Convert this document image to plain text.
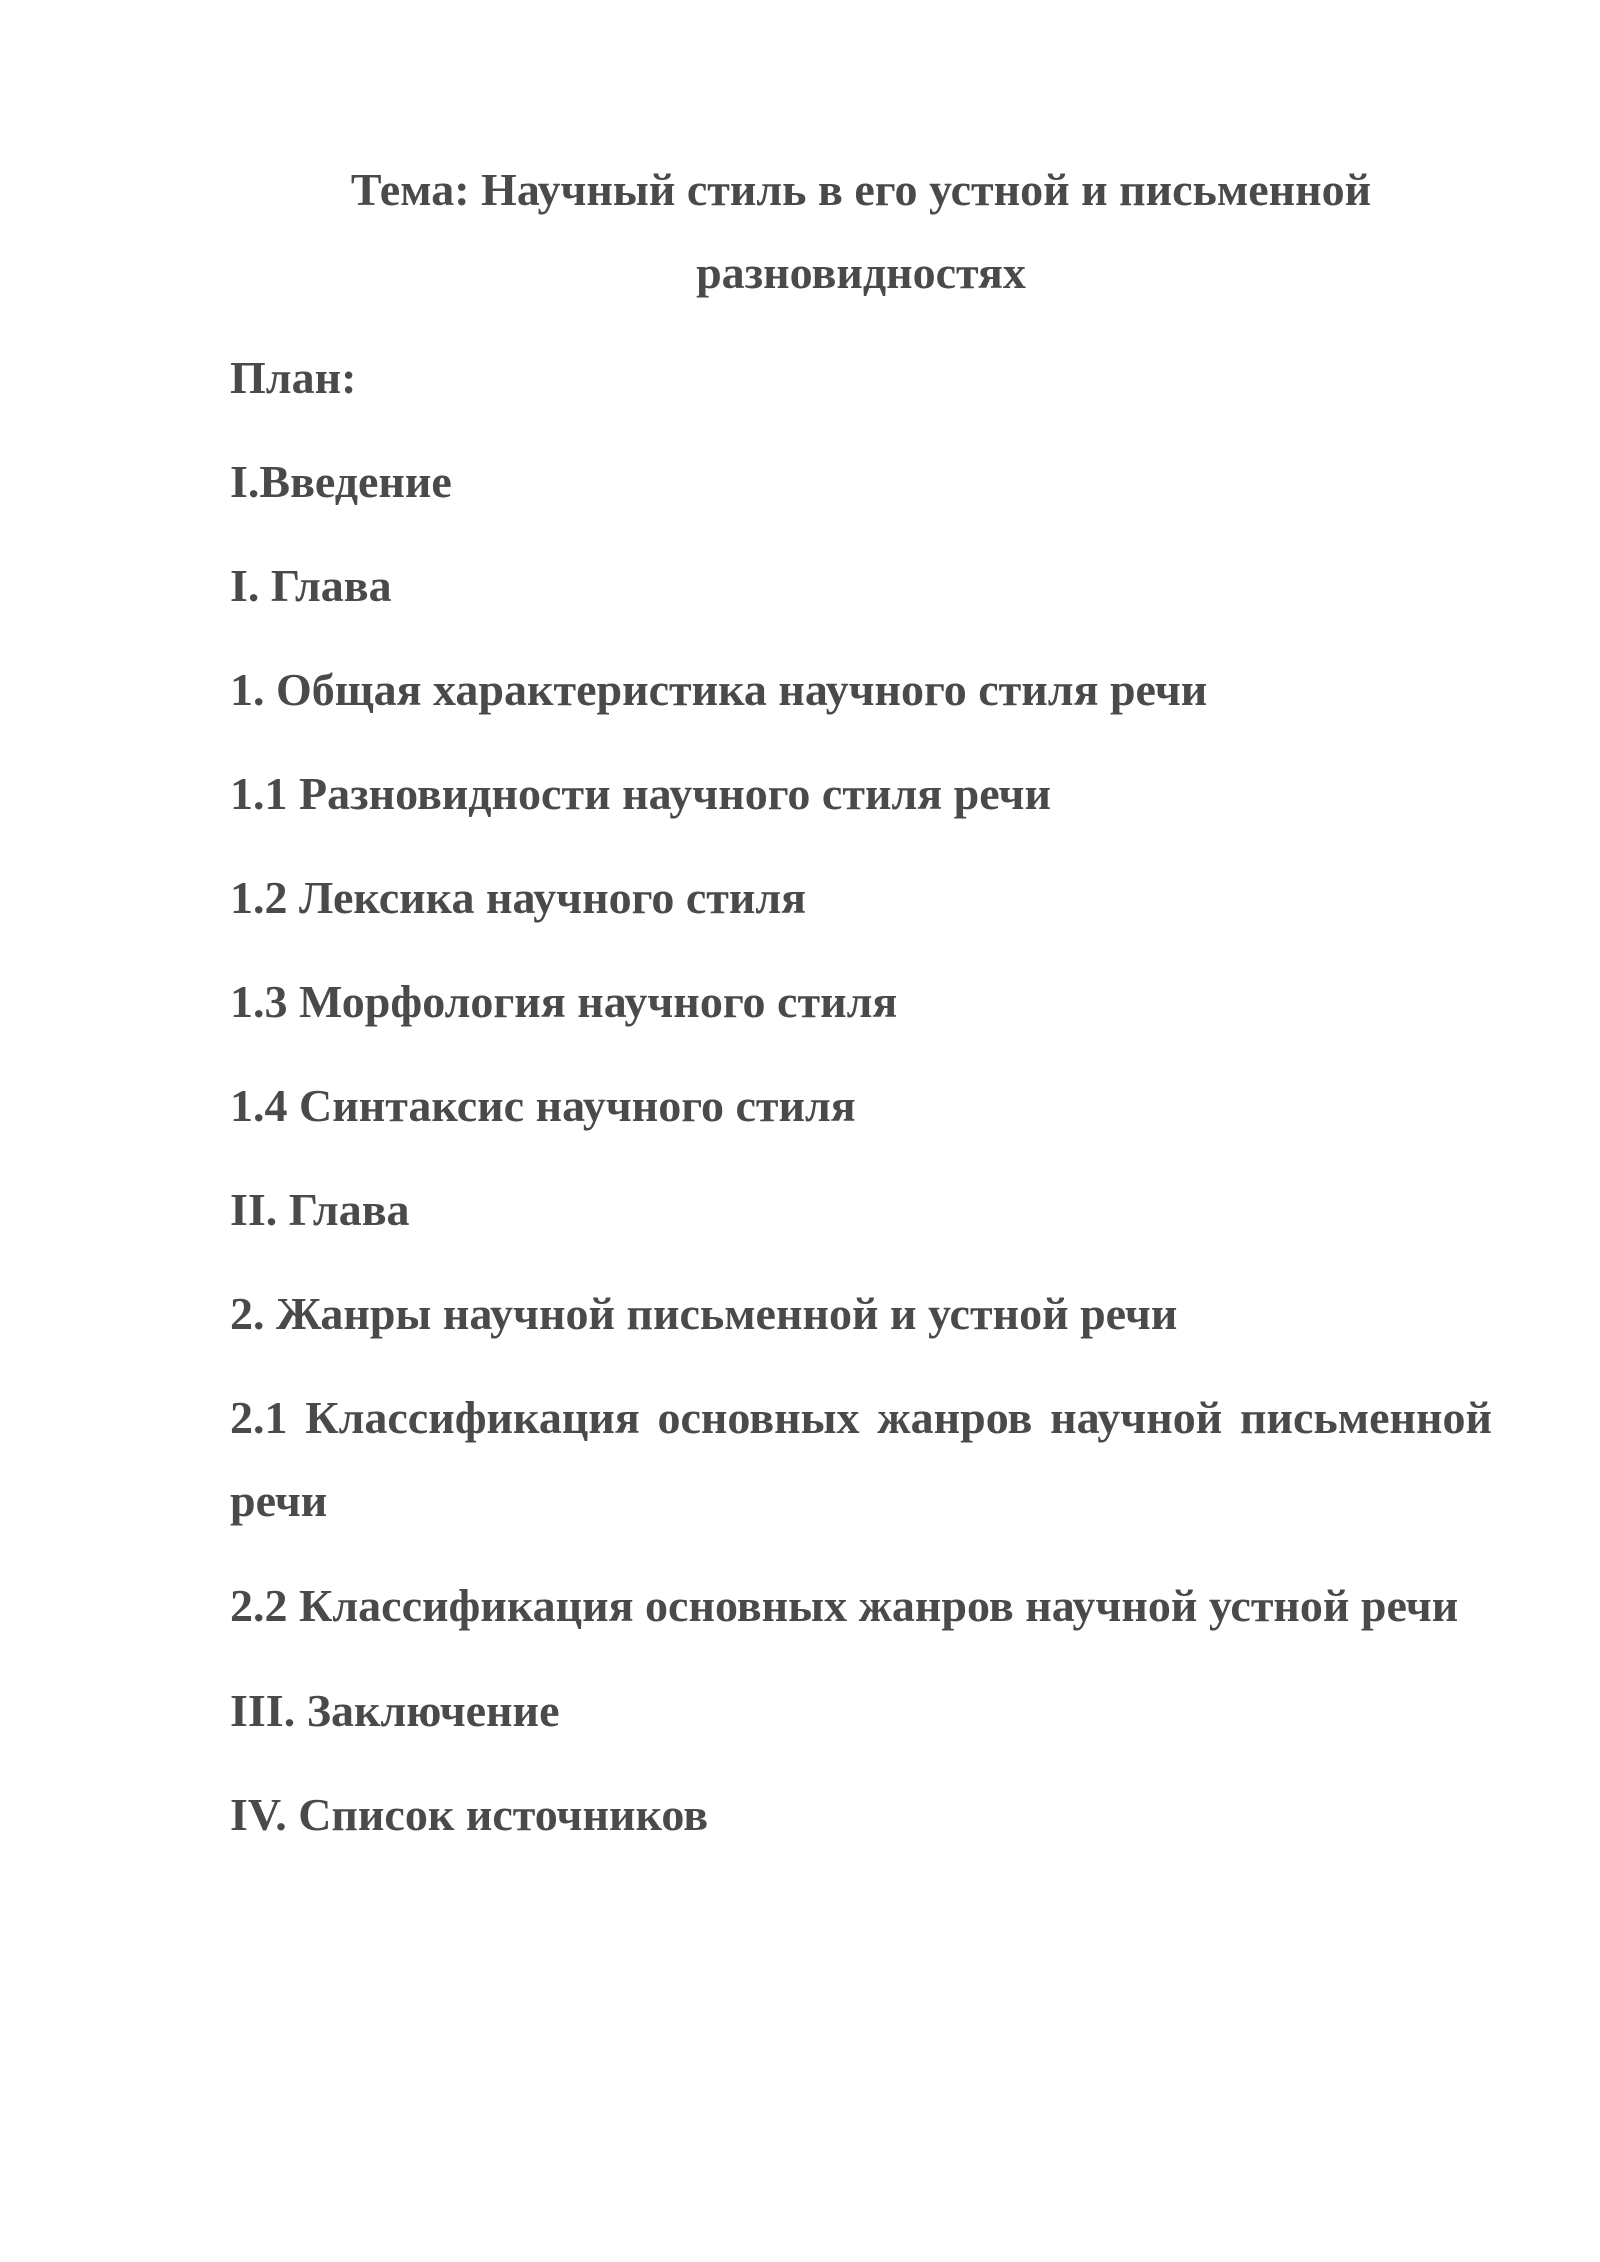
Тема: Научный стиль в его устной и письменной разновидностях
План:
I.Введение
I. Глава
1. Общая характеристика научного стиля речи
1.1 Разновидности научного стиля речи
1.2 Лексика научного стиля
1.3 Морфология научного стиля
1.4 Синтаксис научного стиля
II. Глава
2. Жанры научной письменной и устной речи
2.1 Классификация основных жанров научной письменной речи
2.2 Классификация основных жанров научной устной речи
III. Заключение
IV. Список источников
